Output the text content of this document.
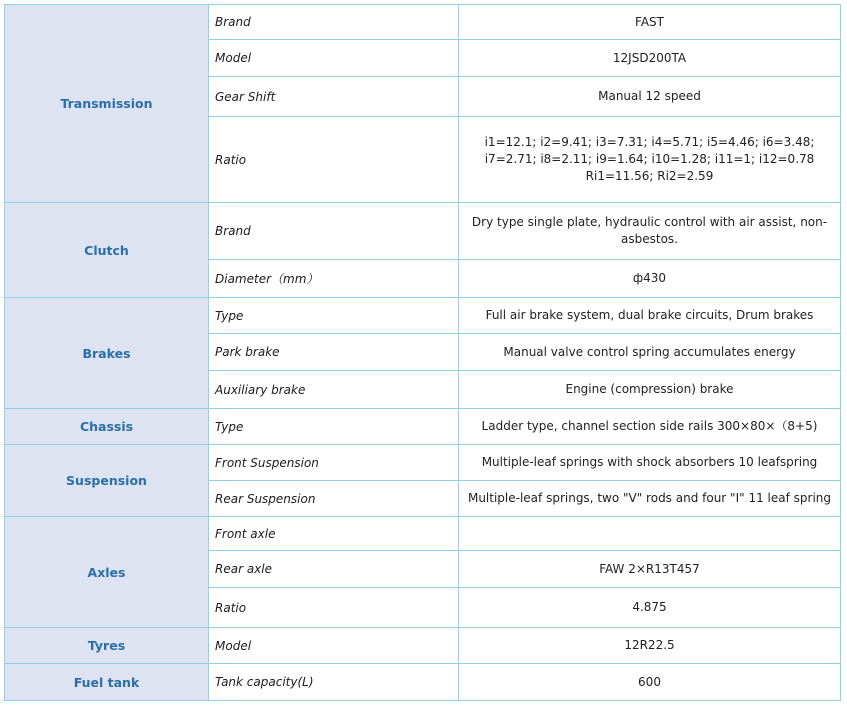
Transmission	Brand	FAST
	Model	12JSD200TA
	Gear Shift	Manual 12 speed
	Ratio	i1=12.1; i2=9.41; i3=7.31; i4=5.71; i5=4.46; i6=3.48; i7=2.71; i8=2.11; i9=1.64; i10=1.28; i11=1; i12=0.78 Ri1=11.56; Ri2=2.59
Clutch	Brand	Dry type single plate, hydraulic control with air assist, non-asbestos.
	Diameter（mm）	ф430
Brakes	Type	Full air brake system, dual brake circuits, Drum brakes
	Park brake	Manual valve control spring accumulates energy
	Auxiliary brake	Engine (compression) brake
Chassis	Type	Ladder type, channel section side rails 300×80×（8+5)
Suspension	Front Suspension	Multiple-leaf springs with shock absorbers 10 leafspring
	Rear Suspension	Multiple-leaf springs, two "V" rods and four "I" 11 leaf spring
Axles	Front axle	
	Rear axle	FAW 2×R13T457
	Ratio	4.875
Tyres	Model	12R22.5
Fuel tank	Tank capacity(L)	600
